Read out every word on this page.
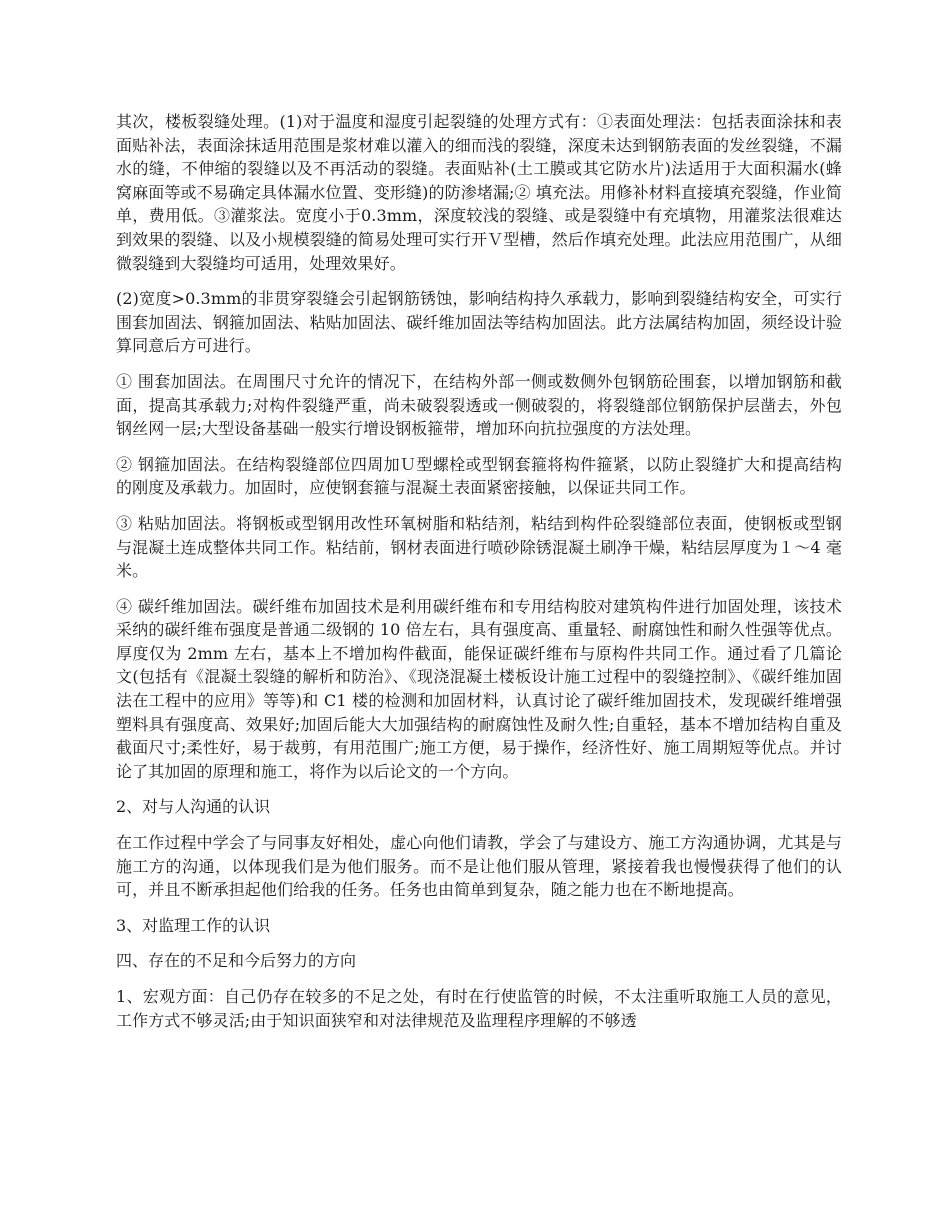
其次，楼板裂缝处理。(1)对于温度和湿度引起裂缝的处理方式有：①表面处理法：包括表面涂抹和表面贴补法，表面涂抹适用范围是浆材难以灌入的细而浅的裂缝，深度未达到钢筋表面的发丝裂缝，不漏水的缝，不伸缩的裂缝以及不再活动的裂缝。表面贴补(土工膜或其它防水片)法适用于大面积漏水(蜂窝麻面等或不易确定具体漏水位置、变形缝)的防渗堵漏;② 填充法。用修补材料直接填充裂缝，作业简单，费用低。③灌浆法。宽度小于0.3mm，深度较浅的裂缝、或是裂缝中有充填物，用灌浆法很难达到效果的裂缝、以及小规模裂缝的简易处理可实行开Ｖ型槽，然后作填充处理。此法应用范围广，从细微裂缝到大裂缝均可适用，处理效果好。

(2)宽度>0.3mm的非贯穿裂缝会引起钢筋锈蚀，影响结构持久承载力，影响到裂缝结构安全，可实行围套加固法、钢箍加固法、粘贴加固法、碳纤维加固法等结构加固法。此方法属结构加固，须经设计验算同意后方可进行。

① 围套加固法。在周围尺寸允许的情况下，在结构外部一侧或数侧外包钢筋砼围套，以增加钢筋和截面，提高其承载力;对构件裂缝严重，尚未破裂裂透或一侧破裂的，将裂缝部位钢筋保护层凿去，外包钢丝网一层;大型设备基础一般实行增设钢板箍带，增加环向抗拉强度的方法处理。

② 钢箍加固法。在结构裂缝部位四周加Ｕ型螺栓或型钢套箍将构件箍紧，以防止裂缝扩大和提高结构的刚度及承载力。加固时，应使钢套箍与混凝土表面紧密接触，以保证共同工作。

③ 粘贴加固法。将钢板或型钢用改性环氧树脂和粘结剂，粘结到构件砼裂缝部位表面，使钢板或型钢与混凝土连成整体共同工作。粘结前，钢材表面进行喷砂除锈混凝土刷净干燥，粘结层厚度为１～4 毫米。

④ 碳纤维加固法。碳纤维布加固技术是利用碳纤维布和专用结构胶对建筑构件进行加固处理，该技术采纳的碳纤维布强度是普通二级钢的 10 倍左右，具有强度高、重量轻、耐腐蚀性和耐久性强等优点。厚度仅为 2mm 左右，基本上不增加构件截面，能保证碳纤维布与原构件共同工作。通过看了几篇论文(包括有《混凝土裂缝的解析和防治》、《现浇混凝土楼板设计施工过程中的裂缝控制》、《碳纤维加固法在工程中的应用》等等)和 C1 楼的检测和加固材料，认真讨论了碳纤维加固技术，发现碳纤维增强塑料具有强度高、效果好;加固后能大大加强结构的耐腐蚀性及耐久性;自重轻，基本不增加结构自重及截面尺寸;柔性好，易于裁剪，有用范围广;施工方便，易于操作，经济性好、施工周期短等优点。并讨论了其加固的原理和施工，将作为以后论文的一个方向。

2、对与人沟通的认识

在工作过程中学会了与同事友好相处，虚心向他们请教，学会了与建设方、施工方沟通协调，尤其是与施工方的沟通，以体现我们是为他们服务。而不是让他们服从管理，紧接着我也慢慢获得了他们的认可，并且不断承担起他们给我的任务。任务也由简单到复杂，随之能力也在不断地提高。

3、对监理工作的认识

四、存在的不足和今后努力的方向

1、宏观方面：自己仍存在较多的不足之处，有时在行使监管的时候，不太注重听取施工人员的意见，工作方式不够灵活;由于知识面狭窄和对法律规范及监理程序理解的不够透
